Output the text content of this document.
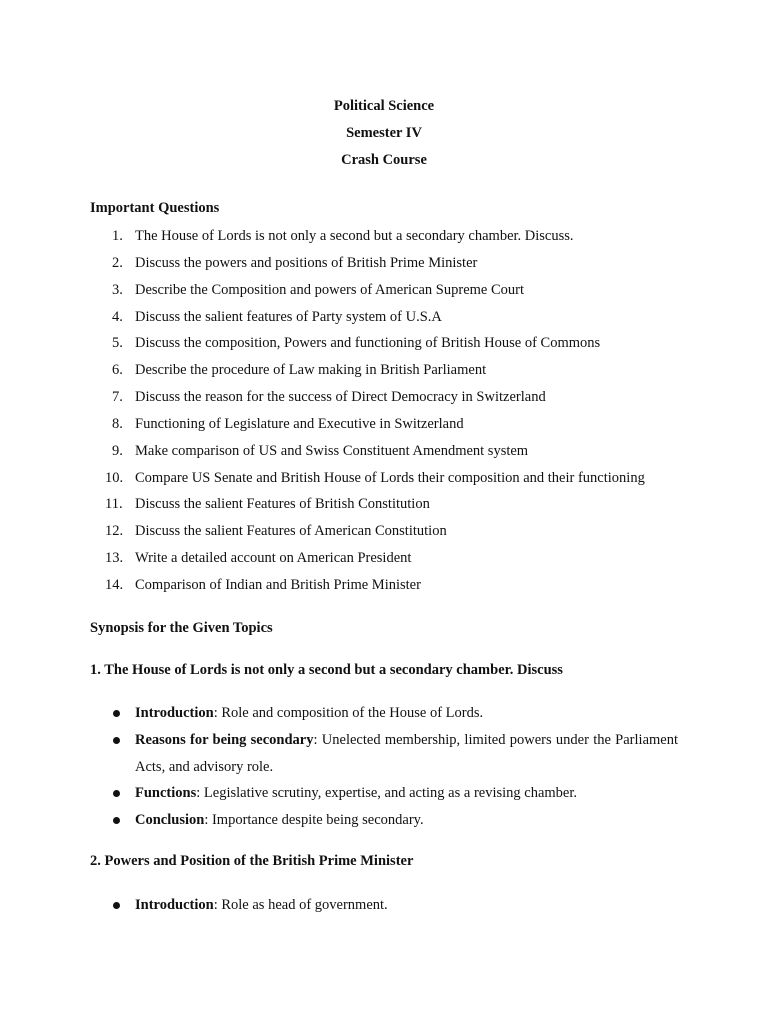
Political Science
Semester IV
Crash Course
Important Questions
1. The House of Lords is not only a second but a secondary chamber. Discuss.
2. Discuss the powers and positions of British Prime Minister
3. Describe the Composition and powers of American Supreme Court
4. Discuss the salient features of Party system of U.S.A
5. Discuss the composition, Powers and functioning of British House of Commons
6. Describe the procedure of Law making in British Parliament
7. Discuss the reason for the success of Direct Democracy in Switzerland
8. Functioning of Legislature and Executive in Switzerland
9. Make comparison of US and Swiss Constituent Amendment system
10. Compare US Senate and British House of Lords their composition and their functioning
11. Discuss the salient Features of British Constitution
12. Discuss the salient Features of American Constitution
13. Write a detailed account on American President
14. Comparison of Indian and British Prime Minister
Synopsis for the Given Topics
1. The House of Lords is not only a second but a secondary chamber. Discuss
Introduction: Role and composition of the House of Lords.
Reasons for being secondary: Unelected membership, limited powers under the Parliament Acts, and advisory role.
Functions: Legislative scrutiny, expertise, and acting as a revising chamber.
Conclusion: Importance despite being secondary.
2. Powers and Position of the British Prime Minister
Introduction: Role as head of government.
